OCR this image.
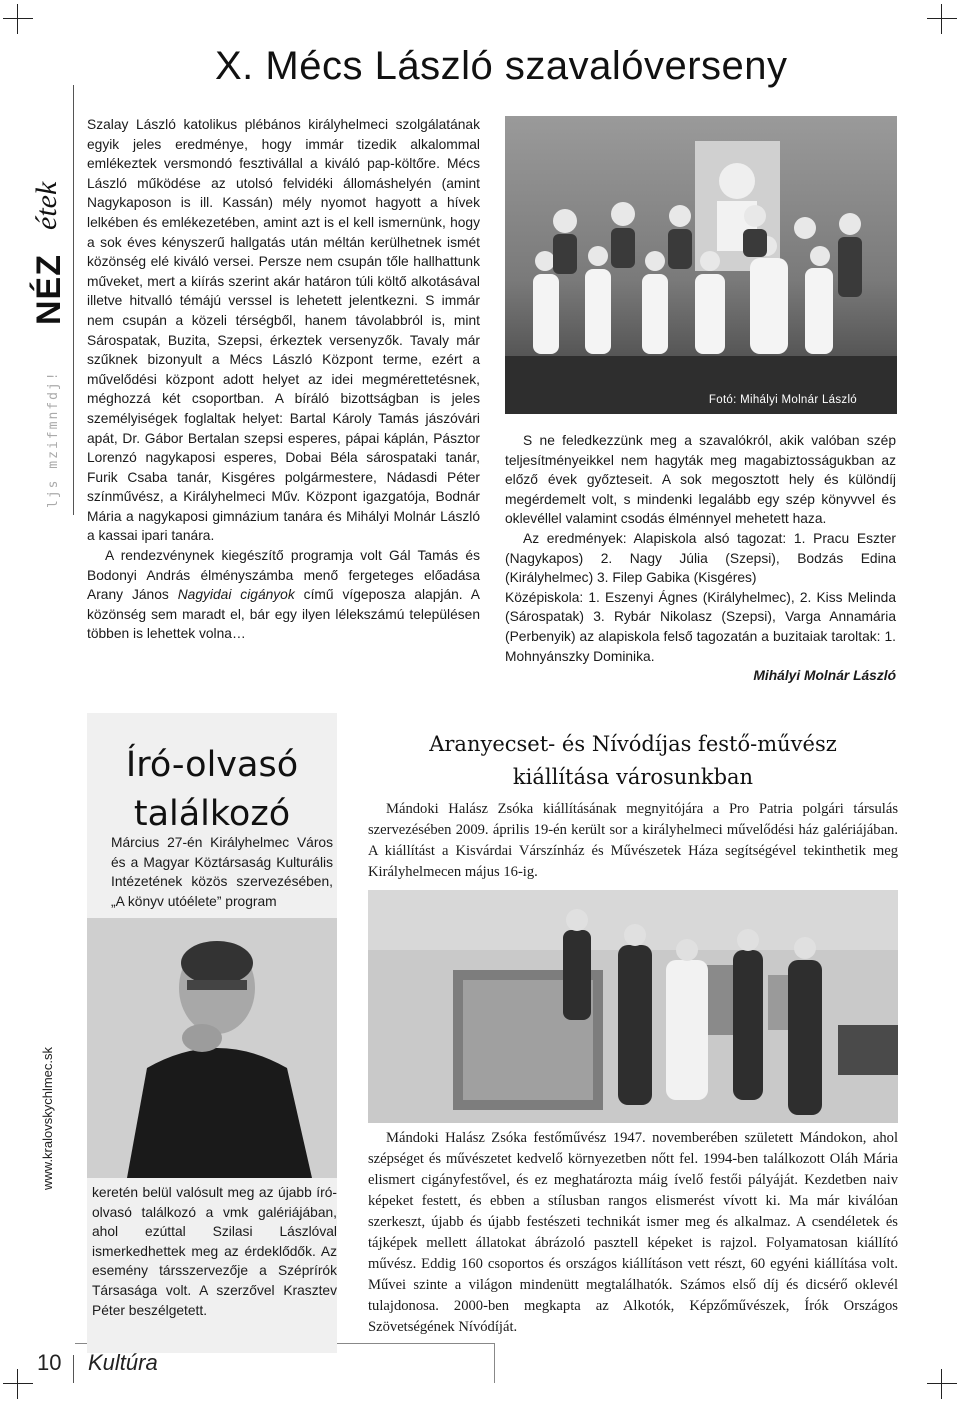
X. Mécs László szavalóverseny
NÉZ
étek
ljs mzifmnfdj!
www.kralovskychlmec.sk

Szalay László katolikus plébános királyhelmeci szolgálatának egyik jeles eredménye, hogy immár tizedik alkalommal emlékeztek versmondó fesztivállal a kiváló pap-költőre. Mécs László működése az utolsó felvidéki állomáshelyén (amint Nagykaposon is ill. Kassán) mély nyomot hagyott a hívek lelkében és emlékezetében, amint azt is el kell ismernünk, hogy a sok éves kényszerű hallgatás után méltán kerülhetnek ismét közönség elé kiváló versei. Persze nem csupán tőle hallhattunk műveket, mert a kiírás szerint akár határon túli költő alkotásával illetve hitvalló témájú verssel is lehetett jelentkezni. S immár nem csupán a közeli térségből, hanem távolabbról is, mint Sárospatak, Buzita, Szepsi, érkeztek versenyzők. Tavaly már szűknek bizonyult a Mécs László Központ terme, ezért a művelődési központ adott helyet az idei megmérettetésnek, méghozzá két csoportban. A bíráló bizottságban is jeles személyiségek foglaltak helyet: Bartal Károly Tamás jászóvári apát, Dr. Gábor Bertalan szepsi esperes, pápai káplán, Pásztor Lorenzó nagykaposi esperes, Dobai Béla sárospataki tanár, Furik Csaba tanár, Kisgéres polgármestere, Nádasdi Péter színművész, a Királyhelmeci Műv. Központ igazgatója, Bodnár Mária a nagykaposi gimnázium tanára és Mihályi Molnár László a kassai ipari tanára.

A rendezvénynek kiegészítő programja volt Gál Tamás és Bodonyi András élményszámba menő fergeteges előadása Arany János Nagyidai cigányok című vígeposza alapján. A közönség sem maradt el, bár egy ilyen lélekszámú településen többen is lehettek volna…

Fotó: Mihályi Molnár László

S ne feledkezzünk meg a szavalókról, akik valóban szép teljesítményeikkel nem hagyták meg magabiztosságukban az előző évek győzteseit. A sok megosztott hely és különdíj megérdemelt volt, s mindenki legalább egy szép könyvvel és oklevéllel valamint csodás élménnyel mehetett haza.

Az eredmények: Alapiskola alsó tagozat: 1. Pracu Eszter (Nagykapos) 2. Nagy Júlia (Szepsi), Bodzás Edina (Királyhelmec) 3. Filep Gabika (Kisgéres)

Középiskola: 1. Eszenyi Ágnes (Királyhelmec), 2. Kiss Melinda (Sárospatak) 3. Rybár Nikolasz (Szepsi), Varga Annamária (Perbenyik) az alapiskola felső tagozatán a buzitaiak taroltak: 1. Mohnyánszky Dominika.

Mihályi Molnár László

Író-olvasó
találkozó
Március 27-én Királyhelmec Város és a Magyar Köztársaság Kulturális Intézetének közös szervezésében, „A könyv utóélete” program
keretén belül valósult meg az újabb író-olvasó találkozó a vmk galériájában, ahol ezúttal Szilasi Lászlóval ismerkedhettek meg az érdeklődők. Az esemény társszervezője a Széprírók Társasága volt. A szerzővel Krasztev Péter beszélgetett.
Aranyecset- és Nívódíjas festő-művész
kiállítása városunkban
Mándoki Halász Zsóka kiállításának megnyitójára a Pro Patria polgári társulás szervezésében 2009. április 19-én került sor a királyhelmeci művelődési ház galériájában. A kiállítást a Kisvárdai Várszínház és Művészetek Háza segítségével tekinthetik meg Királyhelmecen május 16-ig.
Mándoki Halász Zsóka festőművész 1947. novemberében született Mándokon, ahol szépséget és művészetet kedvelő környezetben nőtt fel. 1994-ben találkozott Oláh Mária elismert cigányfestővel, és ez meghatározta máig ívelő festői pályáját. Kezdetben naiv képeket festett, és ebben a stílusban rangos elismerést vívott ki. Ma már kiválóan szerkeszt, újabb és újabb festészeti technikát ismer meg és alkalmaz. A csendéletek és tájképek mellett állatokat ábrázoló pasztell képeket is rajzol. Folyamatosan kiállító művész. Eddig 160 csoportos és országos kiállításon vett részt, 60 egyéni kiállítása volt. Művei szinte a világon mindenütt megtalálhatók. Számos első díj és dicsérő oklevél tulajdonosa. 2000-ben megkapta az Alkotók, Képzőművészek, Írók Országos Szövetségének Nívódíját.
10 Kultúra
